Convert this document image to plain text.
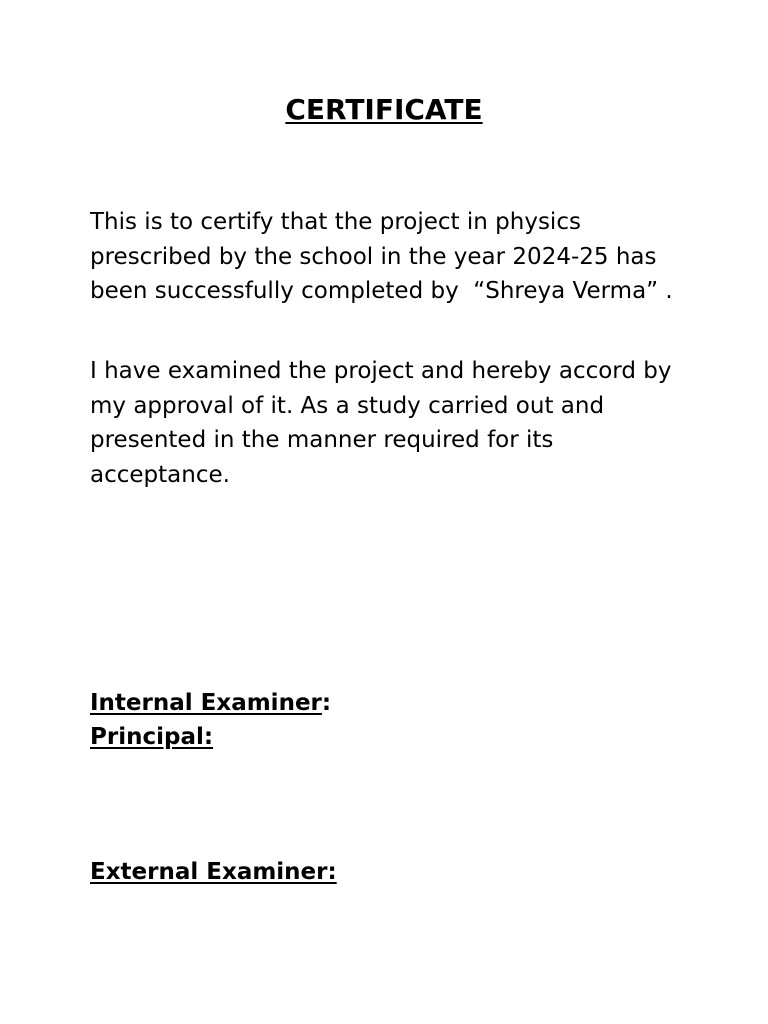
CERTIFICATE

This is to certify that the project in physics prescribed by the school in the year 2024-25 has been successfully completed by  “Shreya Verma” .

I have examined the project and hereby accord by my approval of it. As a study carried out and presented in the manner required for its acceptance.

Internal Examiner:
Principal:
External Examiner:
